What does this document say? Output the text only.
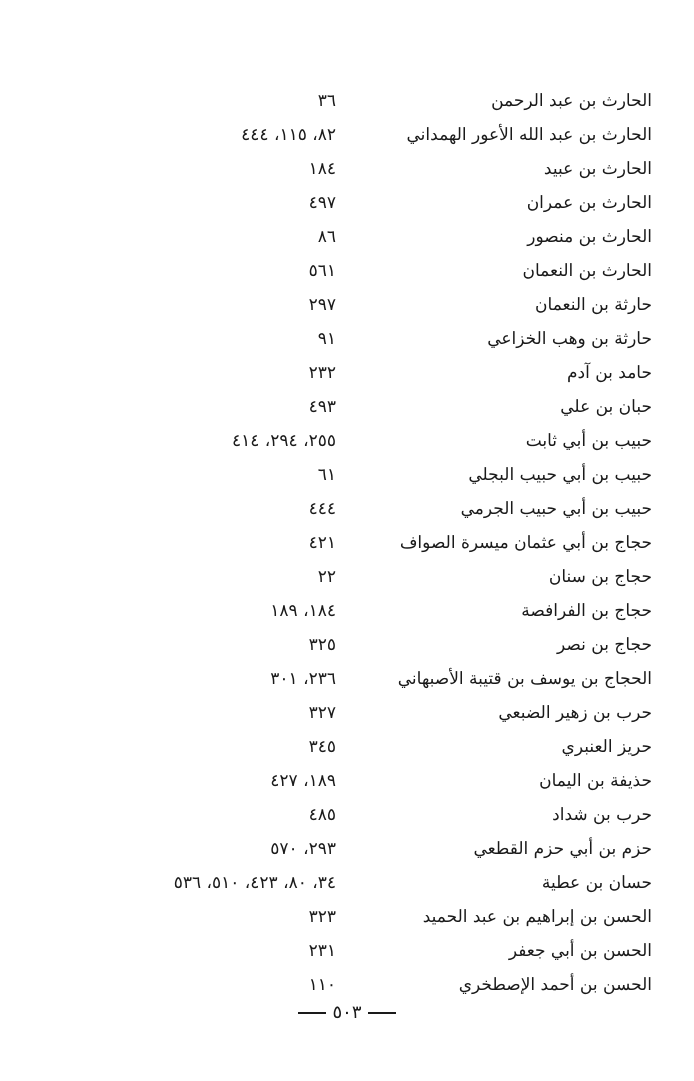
الحارث بن عبد الرحمن
٣٦
الحارث بن عبد الله الأعور الهمداني
٨٢، ١١٥، ٤٤٤
الحارث بن عبيد
١٨٤
الحارث بن عمران
٤٩٧
الحارث بن منصور
٨٦
الحارث بن النعمان
٥٦١
حارثة بن النعمان
٢٩٧
حارثة بن وهب الخزاعي
٩١
حامد بن آدم
٢٣٢
حبان بن علي
٤٩٣
حبيب بن أبي ثابت
٢٥٥، ٢٩٤، ٤١٤
حبيب بن أبي حبيب البجلي
٦١
حبيب بن أبي حبيب الجرمي
٤٤٤
حجاج بن أبي عثمان ميسرة الصواف
٤٢١
حجاج بن سنان
٢٢
حجاج بن الفرافصة
١٨٤، ١٨٩
حجاج بن نصر
٣٢٥
الحجاج بن يوسف بن قتيبة الأصبهاني
٢٣٦، ٣٠١
حرب بن زهير الضبعي
٣٢٧
حريز العنبري
٣٤٥
حذيفة بن اليمان
١٨٩، ٤٢٧
حرب بن شداد
٤٨٥
حزم بن أبي حزم القطعي
٢٩٣، ٥٧٠
حسان بن عطية
٣٤، ٨٠، ٤٢٣، ٥١٠، ٥٣٦
الحسن بن إبراهيم بن عبد الحميد
٣٢٣
الحسن بن أبي جعفر
٢٣١
الحسن بن أحمد الإصطخري
١١٠
٥٠٣
